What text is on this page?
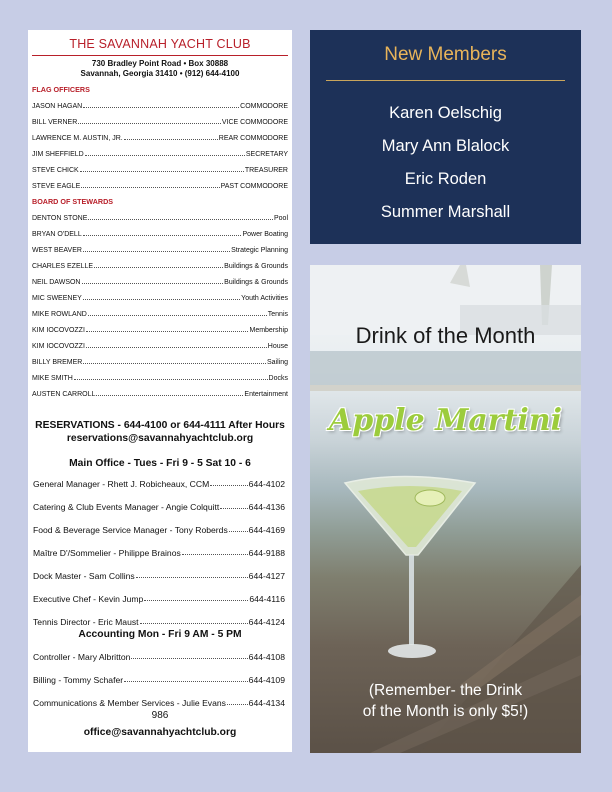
THE SAVANNAH YACHT CLUB
730 Bradley Point Road • Box 30888
Savannah, Georgia 31410 • (912) 644-4100
FLAG OFFICERS
JASON HAGAN	COMMODORE
BILL VERNER	VICE COMMODORE
LAWRENCE M. AUSTIN, JR.	REAR COMMODORE
JIM SHEFFIELD	SECRETARY
STEVE CHICK	TREASURER
STEVE EAGLE	PAST COMMODORE
BOARD OF STEWARDS
DENTON STONE	Pool
BRYAN O'DELL	Power Boating
WEST BEAVER	Strategic Planning
CHARLES EZELLE	Buildings & Grounds
NEIL DAWSON	Buildings & Grounds
MIC SWEENEY	Youth Activities
MIKE ROWLAND	Tennis
KIM IOCOVOZZI	Membership
KIM IOCOVOZZI	House
BILLY BREMER	Sailing
MIKE SMITH	Docks
AUSTEN CARROLL	Entertainment
RESERVATIONS - 644-4100 or 644-4111 After Hours
reservations@savannahyachtclub.org
Main Office - Tues - Fri 9 - 5 Sat 10 - 6
General Manager - Rhett J. Robicheaux, CCM	644-4102
Catering & Club Events Manager - Angie Colquitt	644-4136
Food & Beverage Service Manager - Tony Roberds 644-4169
Maître D'/Sommelier - Philippe Brainos	644-9188
Dock Master - Sam Collins	644-4127
Executive Chef - Kevin Jump	644-4116
Tennis Director - Eric Maust	644-4124
Accounting Mon - Fri 9 AM - 5 PM
Controller - Mary Albritton	644-4108
Billing - Tommy Schafer	644-4109
Communications & Member Services - Julie Evans	644-4134
986
office@savannahyachtclub.org
New Members
Karen Oelschig
Mary Ann Blalock
Eric Roden
Summer Marshall
Drink of the Month
Apple Martini
(Remember- the Drink
of the Month is only $5!)
